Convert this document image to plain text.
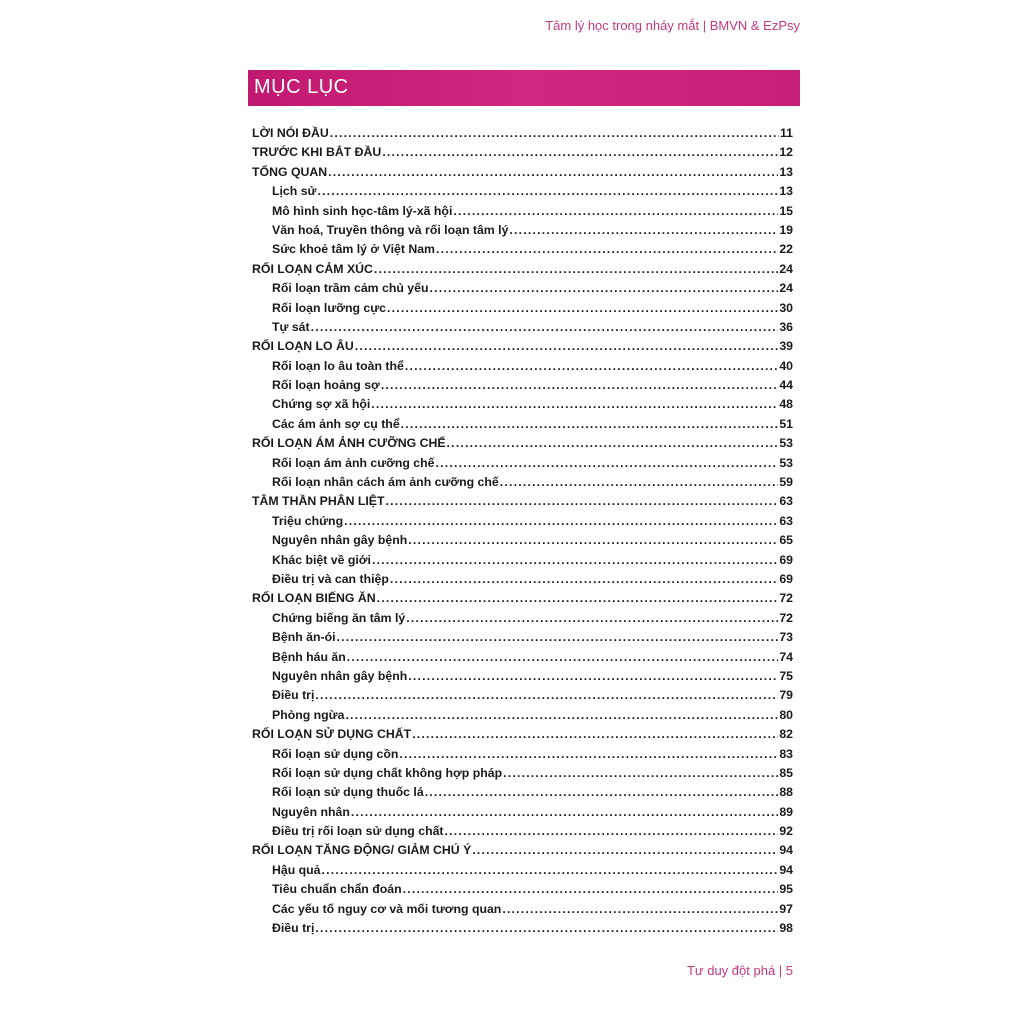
Tâm lý học trong nháy mắt | BMVN & EzPsy
MỤC LỤC
LỜI NÓI ĐẦU .....	11
TRƯỚC KHI BẮT ĐẦU .....	12
TỔNG QUAN .....	13
Lịch sử .....	13
Mô hình sinh học-tâm lý-xã hội .....	15
Văn hoá, Truyền thông và rối loạn tâm lý .....	19
Sức khoẻ tâm lý ở Việt Nam .....	22
RỐI LOẠN CẢM XÚC .....	24
Rối loạn trầm cảm chủ yếu .....	24
Rối loạn lưỡng cực .....	30
Tự sát .....	36
RỐI LOẠN LO ÂU .....	39
Rối loạn lo âu toàn thể .....	40
Rối loạn hoảng sợ .....	44
Chứng sợ xã hội .....	48
Các ám ảnh sợ cụ thể .....	51
RỐI LOẠN ÁM ẢNH CƯỠNG CHẾ .....	53
Rối loạn ám ảnh cưỡng chế .....	53
Rối loạn nhân cách ám ảnh cưỡng chế .....	59
TÂM THẦN PHÂN LIỆT .....	63
Triệu chứng .....	63
Nguyên nhân gây bệnh .....	65
Khác biệt về giới .....	69
Điều trị và can thiệp .....	69
RỐI LOẠN BIẾNG ĂN .....	72
Chứng biếng ăn tâm lý .....	72
Bệnh ăn-ói .....	73
Bệnh háu ăn .....	74
Nguyên nhân gây bệnh .....	75
Điều trị .....	79
Phòng ngừa .....	80
RỐI LOẠN SỬ DỤNG CHẤT .....	82
Rối loạn sử dụng cồn .....	83
Rối loạn sử dụng chất không hợp pháp .....	85
Rối loạn sử dụng thuốc lá .....	88
Nguyên nhân .....	89
Điều trị rối loạn sử dụng chất .....	92
RỐI LOẠN TĂNG ĐỘNG/ GIẢM CHÚ Ý .....	94
Hậu quả .....	94
Tiêu chuẩn chẩn đoán .....	95
Các yếu tố nguy cơ và mối tương quan .....	97
Điều trị .....	98
Tư duy đột phá | 5
